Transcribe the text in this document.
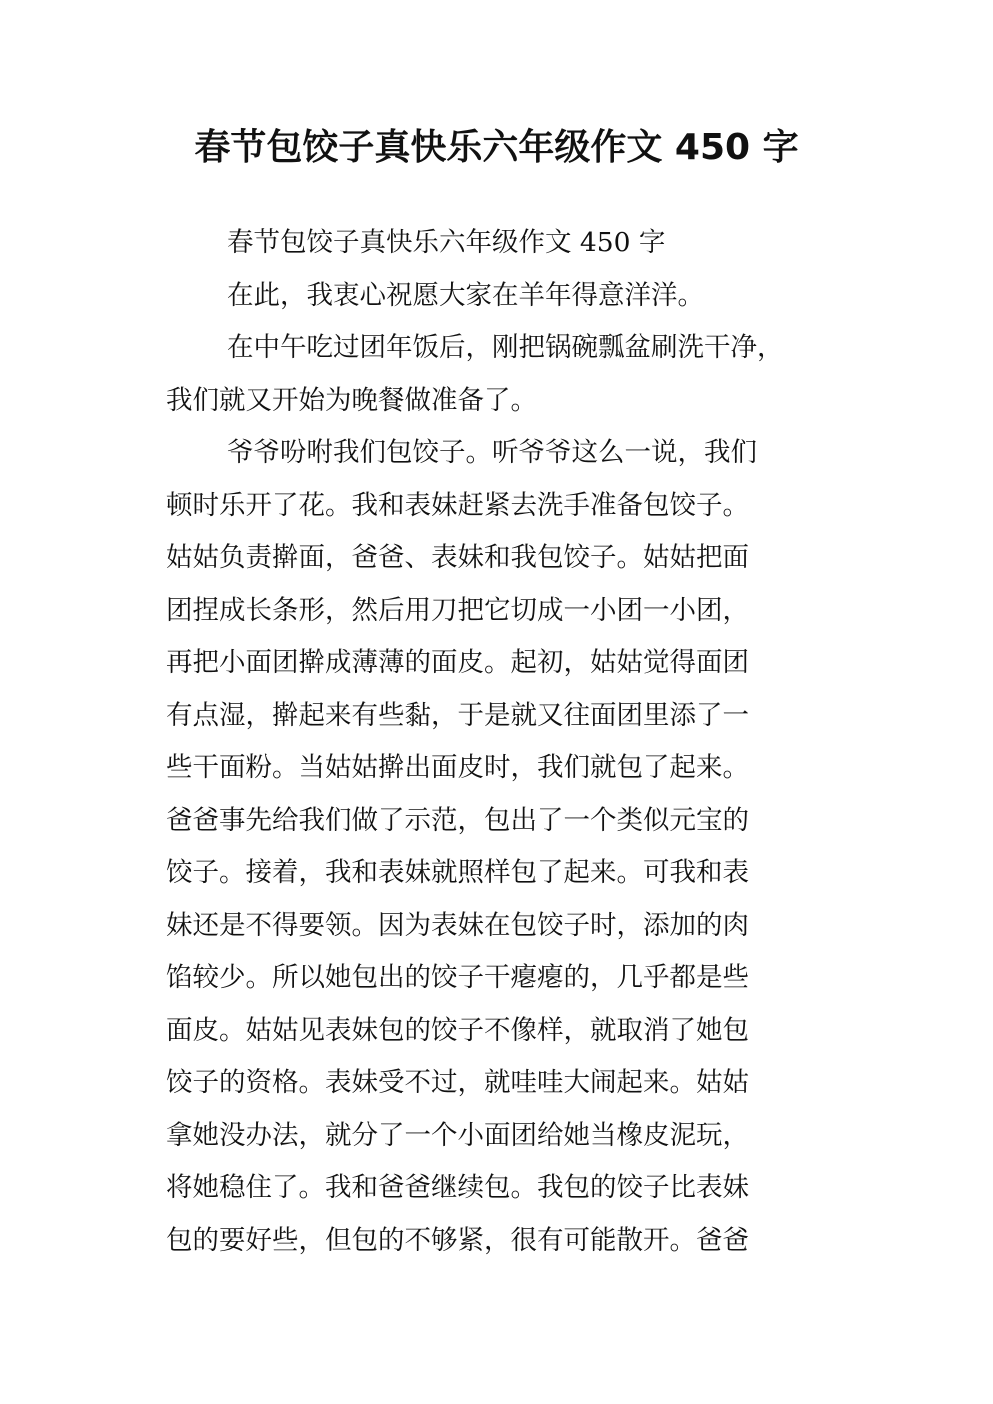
春节包饺子真快乐六年级作文 450 字
春节包饺子真快乐六年级作文 450 字
在此，我衷心祝愿大家在羊年得意洋洋。
在中午吃过团年饭后，刚把锅碗瓢盆刷洗干净，
我们就又开始为晚餐做准备了。
爷爷吩咐我们包饺子。听爷爷这么一说，我们
顿时乐开了花。我和表妹赶紧去洗手准备包饺子。
姑姑负责擀面，爸爸、表妹和我包饺子。姑姑把面
团捏成长条形，然后用刀把它切成一小团一小团，
再把小面团擀成薄薄的面皮。起初，姑姑觉得面团
有点湿，擀起来有些黏，于是就又往面团里添了一
些干面粉。当姑姑擀出面皮时，我们就包了起来。
爸爸事先给我们做了示范，包出了一个类似元宝的
饺子。接着，我和表妹就照样包了起来。可我和表
妹还是不得要领。因为表妹在包饺子时，添加的肉
馅较少。所以她包出的饺子干瘪瘪的，几乎都是些
面皮。姑姑见表妹包的饺子不像样，就取消了她包
饺子的资格。表妹受不过，就哇哇大闹起来。姑姑
拿她没办法，就分了一个小面团给她当橡皮泥玩，
将她稳住了。我和爸爸继续包。我包的饺子比表妹
包的要好些，但包的不够紧，很有可能散开。爸爸
